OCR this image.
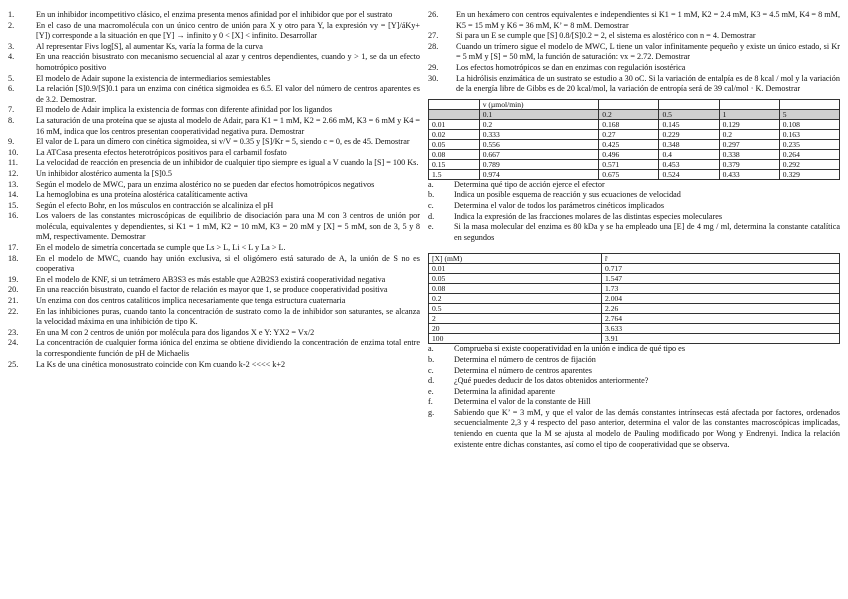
1.	En un inhibidor incompetitivo clásico, el enzima presenta menos afinidad por el inhibidor que por el sustrato
2.	En el caso de una macromolécula con un único centro de unión para X y otro para Y, la expresión vy = [Y]/áKy+[Y]) corresponde a la situación en que [Y] → infinito y 0 < [X] < infinito. Desarrollar
3.	Al representar Fivs log[S], al aumentar Ks, varía la forma de la curva
4.	En una reacción bisustrato con mecanismo secuencial al azar y centros dependientes, cuando y > 1, se da un efecto homotrópico positivo
5.	El modelo de Adair supone la existencia de intermediarios semiestables
6.	La relación [S]0.9/[S]0.1 para un enzima con cinética sigmoidea es 6.5. El valor del número de centros aparentes es de 3.2. Demostrar.
7.	El modelo de Adair implica la existencia de formas con diferente afinidad por los ligandos
8.	La saturación de una proteína que se ajusta al modelo de Adair, para K1 = 1 mM, K2 = 2.66 mM, K3 = 6 mM y K4 = 16 mM, indica que los centros presentan cooperatividad negativa pura. Demostrar
9.	El valor de L para un dímero con cinética sigmoidea, si v/V = 0.35 y [S]/Kr = 5, siendo c = 0, es de 45. Demostrar
10.	La ATCasa presenta efectos heterotrópicos positivos para el carbamil fosfato
11.	La velocidad de reacción en presencia de un inhibidor de cualquier tipo siempre es igual a V cuando la [S] = 100 Ks.
12.	Un inhibidor alostérico aumenta la [S]0.5
13.	Según el modelo de MWC, para un enzima alostérico no se pueden dar efectos homotrópicos negativos
14.	La hemoglobina es una proteína alostérica catalíticamente activa
15.	Según el efecto Bohr, en los músculos en contracción se alcaliniza el pH
16.	Los valoers de las constantes microscópicas de equilibrio de disociación para una M con 3 centros de unión por molécula, equivalentes y dependientes, si K1 = 1 mM, K2 = 10 mM, K3 = 20 mM y [X] = 5 mM, son de 3, 5 y 8 mM, respectivamente. Demostrar
17.	En el modelo de simetría concertada se cumple que Ls > L, Li < L y La > L.
18.	En el modelo de MWC, cuando hay unión exclusiva, si el oligómero está saturado de A, la unión de S no es cooperativa
19.	En el modelo de KNF, si un tetrámero AB3S3 es más estable que A2B2S3 existirá cooperatividad negativa
20.	En una reacción bisustrato, cuando el factor de relación es mayor que 1, se produce cooperatividad positiva
21.	Un enzima con dos centros catalíticos implica necesariamente que tenga estructura cuaternaria
22.	En las inhibiciones puras, cuando tanto la concentración de sustrato como la de inhibidor son saturantes, se alcanza la velocidad máxima en una inhibición de tipo K.
23.	En una M con 2 centros de unión por molécula para dos ligandos X e Y: YX2 = Vx/2
24.	La concentración de cualquier forma iónica del enzima se obtiene dividiendo la concentración de enzima total entre la correspondiente función de pH de Michaelis
25.	La Ks de una cinética monosustrato coincide con Km cuando k-2 <<<< k+2
26.	En un hexámero con centros equivalentes e independientes si K1 = 1 mM, K2 = 2.4 mM, K3 = 4.5 mM, K4 = 8 mM, K5 = 15 mM y K6 = 36 mM, K’ = 8 mM. Demostrar
27.	Si para un E se cumple que [S] 0.8/[S]0.2 = 2, el sistema es alostérico con n = 4. Demostrar
28.	Cuando un trímero sigue el modelo de MWC, L tiene un valor infinitamente pequeño y existe un único estado, si Kr = 5 mM y [S] = 50 mM, la función de saturación: vx = 2.72. Demostrar
29.	Los efectos homotrópicos se dan en enzimas con regulación isostérica
30.	La hidrólisis enzimática de un sustrato se estudio a 30 oC. Si la variación de entalpía es de 8 kcal / mol y la variación de la energía libre de Gibbs es de 20 kcal/mol, la variación de entropía será de 39 cal/mol · K. Demostrar
	v (µmol/min)				
	0.1	0.2	0.5	1	5
0.01	0.2	0.168	0.145	0.129	0.108
0.02	0.333	0.27	0.229	0.2	0.163
0.05	0.556	0.425	0.348	0.297	0.235
0.08	0.667	0.496	0.4	0.338	0.264
0.15	0.789	0.571	0.453	0.379	0.292
1.5	0.974	0.675	0.524	0.433	0.329
a.	Determina qué tipo de acción ejerce el efector
b.	Indica un posible esquema de reacción y sus ecuaciones de velocidad
c.	Determina el valor de todos los parámetros cinéticos implicados
d.	Indica la expresión de las fracciones molares de las distintas especies moleculares
e.	Si la masa molecular del enzima es 80 kDa y se ha empleado una [E] de 4 mg / ml, determina la constante catalítica en segundos
[X] (mM)	ř
0.01	0.717
0.05	1.547
0.08	1.73
0.2	2.004
0.5	2.26
2	2.764
20	3.633
100	3.91
a.	Comprueba si existe cooperatividad en la unión e indica de qué tipo es
b.	Determina el número de centros de fijación
c.	Determina el número de centros aparentes
d.	¿Qué puedes deducir de los datos obtenidos anteriormente?
e.	Determina la afinidad aparente
f.	Determina el valor de la constante de Hill
g.	Sabiendo que K’ = 3 mM, y que el valor de las demás constantes intrínsecas está afectada por factores, ordenados secuencialmente 2,3 y 4 respecto del paso anterior, determina el valor de las constantes macroscópicas implicadas, teniendo en cuenta que la M se ajusta al modelo de Pauling modificado por Wong y Endrenyi. Indica la relación existente entre dichas constantes, así como el tipo de cooperatividad que se observa.
